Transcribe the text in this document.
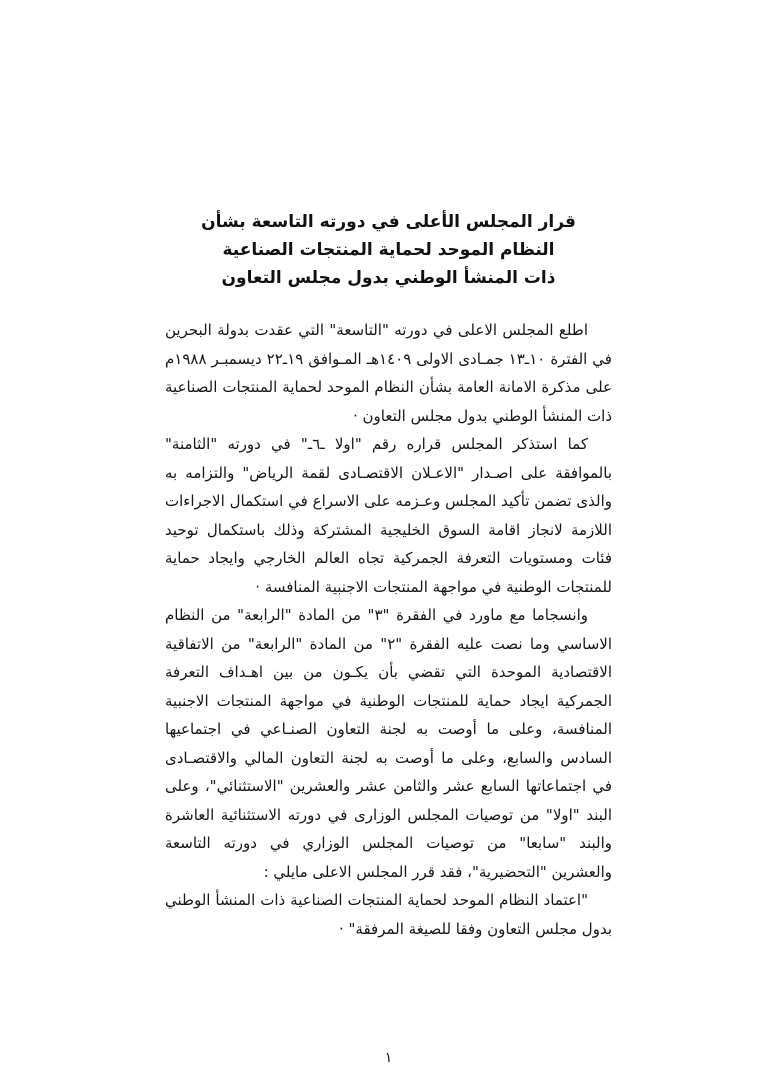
قرار المجلس الأعلى في دورته التاسعة بشأن
النظام الموحد لحماية المنتجات الصناعية
ذات المنشأ الوطني بدول مجلس التعاون

اطلع المجلس الاعلى في دورته "التاسعة" التي عقدت بدولة البحرين في الفترة ١٠ـ١٣ جمـادى الاولى ١٤٠٩هـ المـوافق ١٩ـ٢٢ ديسمبـر ١٩٨٨م على مذكرة الامانة العامة بشأن النظام الموحد لحماية المنتجات الصناعية ذات المنشأ الوطني بدول مجلس التعاون ·

كما استذكر المجلس قراره رقم "اولا ـ٦ـ" في دورته "الثامنة" بالموافقة على اصـدار "الاعـلان الاقتصـادى لقمة الرياض" والتزامه به والذى تضمن تأكيد المجلس وعـزمه على الاسراع في استكمال الاجراءات اللازمة لانجاز اقامة السوق الخليجية المشتركة وذلك باستكمال توحيد فئات ومستويات التعرفة الجمركية تجاه العالم الخارجي وايجاد حماية للمنتجات الوطنية في مواجهة المنتجات الاجنبية المنافسة ·

وانسجاما مع ماورد في الفقرة "٣" من المادة "الرابعة" من النظام الاساسي وما نصت عليه الفقرة "٢" من المادة "الرابعة" من الاتفاقية الاقتصادية الموحدة التي تقضي بأن يكـون من بين اهـداف التعرفة الجمركية ايجاد حماية للمنتجات الوطنية في مواجهة المنتجات الاجنبية المنافسة، وعلى ما أوصت به لجنة التعاون الصنـاعي في اجتماعيها السادس والسابع، وعلى ما أوصت به لجنة التعاون المالي والاقتصـادى في اجتماعاتها السابع عشر والثامن عشر والعشرين "الاستثنائي"، وعلى البند "اولا" من توصيات المجلس الوزارى في دورته الاستثنائية العاشرة والبند "سابعا" من توصيات المجلس الوزاري في دورته التاسعة والعشرين "التحضيرية"، فقد قرر المجلس الاعلى مايلي :

"اعتماد النظام الموحد لحماية المنتجات الصناعية ذات المنشأ الوطني بدول مجلس التعاون وفقا للصيغة المرفقة" ·

١
